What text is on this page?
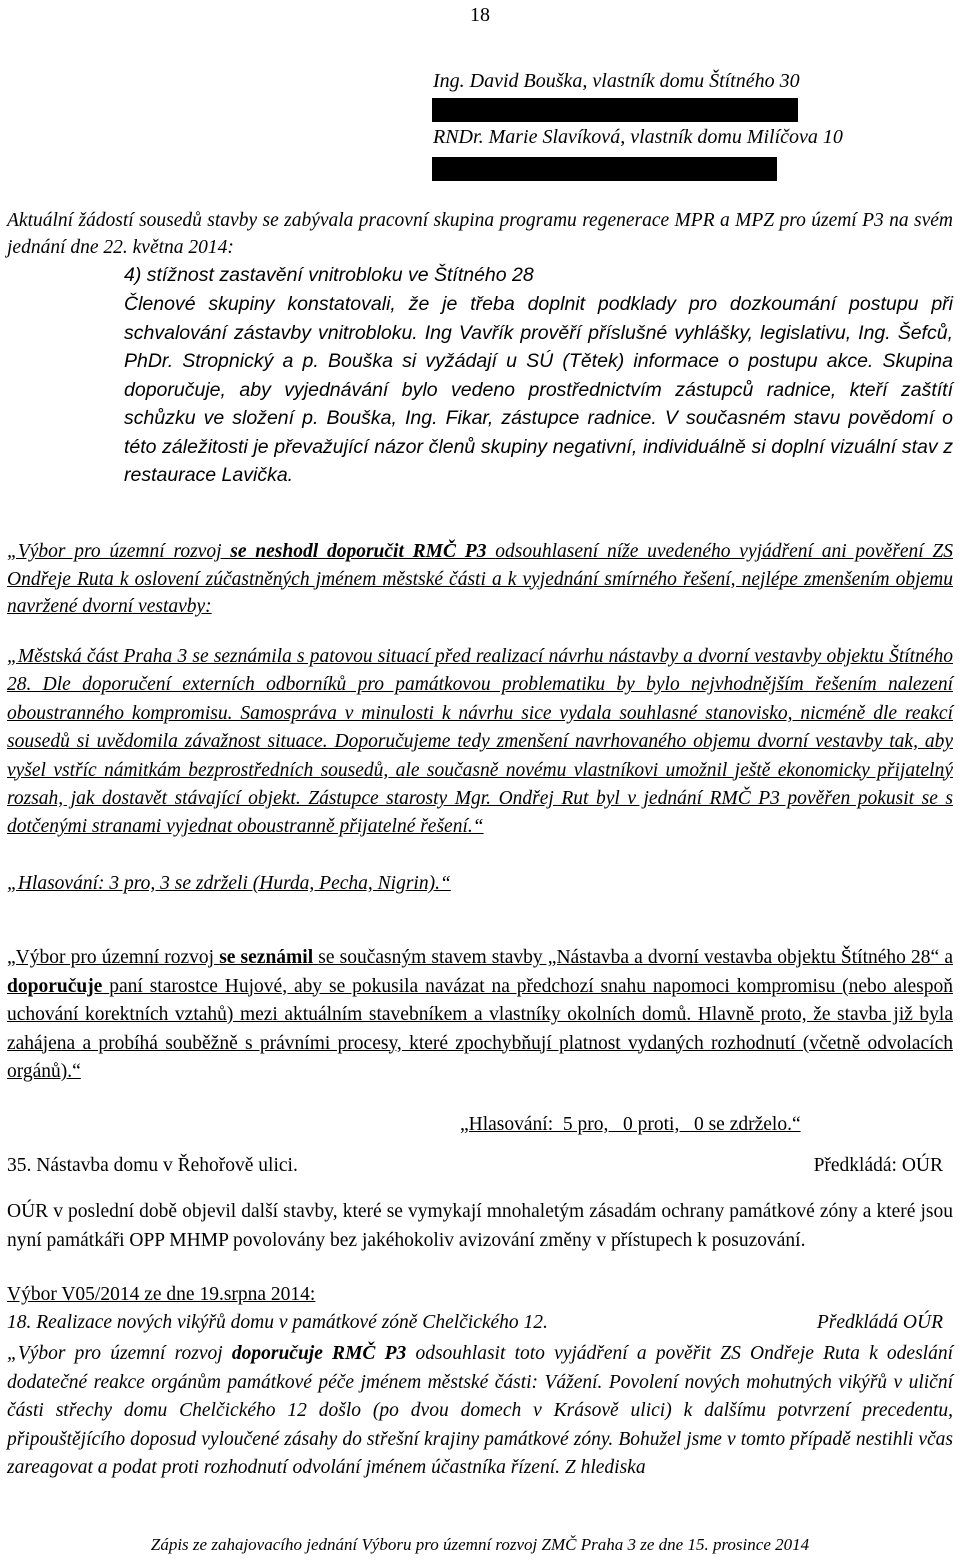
18
Ing. David Bouška, vlastník domu Štítného 30
RNDr. Marie Slavíková, vlastník domu Milíčova 10
Aktuální žádostí sousedů stavby se zabývala pracovní skupina programu regenerace MPR a MPZ pro území P3 na svém jednání dne 22. května 2014:
4) stížnost zastavění vnitrobloku ve Štítného 28
Členové skupiny konstatovali, že je třeba doplnit podklady pro dozkoumání postupu při schvalování zástavby vnitrobloku. Ing Vavřík prověří příslušné vyhlášky, legislativu, Ing. Šefců, PhDr. Stropnický a p. Bouška si vyžádají u SÚ (Tětek) informace o postupu akce. Skupina doporučuje, aby vyjednávání bylo vedeno prostřednictvím zástupců radnice, kteří zaštítí schůzku ve složení p. Bouška, Ing. Fikar, zástupce radnice. V současném stavu povědomí o této záležitosti je převažující názor členů skupiny negativní, individuálně si doplní vizuální stav z restaurace Lavička.
„Výbor pro územní rozvoj se neshodl doporučit RMČ P3 odsouhlasení níže uvedeného vyjádření ani pověření ZS Ondřeje Ruta k oslovení zúčastněných jménem městské části a k vyjednání smírného řešení, nejlépe zmenšením objemu navržené dvorní vestavby:
„Městská část Praha 3 se seznámila s patovou situací před realizací návrhu nástavby a dvorní vestavby objektu Štítného 28. Dle doporučení externích odborníků pro památkovou problematiku by bylo nejvhodnějším řešením nalezení oboustranného kompromisu. Samospráva v minulosti k návrhu sice vydala souhlasné stanovisko, nicméně dle reakcí sousedů si uvědomila závažnost situace. Doporučujeme tedy zmenšení navrhovaného objemu dvorní vestavby tak, aby vyšel vstříc námitkám bezprostředních sousedů, ale současně novému vlastníkovi umožnil ještě ekonomicky přijatelný rozsah, jak dostavět stávající objekt. Zástupce starosty Mgr. Ondřej Rut byl v jednání RMČ P3 pověřen pokusit se s dotčenými stranami vyjednat oboustranně přijatelné řešení.“
„Hlasování: 3 pro, 3 se zdrželi (Hurda, Pecha, Nigrin).“
„Výbor pro územní rozvoj se seznámil se současným stavem stavby „Nástavba a dvorní vestavba objektu Štítného 28“ a doporučuje paní starostce Hujové, aby se pokusila navázat na předchozí snahu napomoci kompromisu (nebo alespoň uchování korektních vztahů) mezi aktuálním stavebníkem a vlastníky okolních domů. Hlavně proto, že stavba již byla zahájena a probíhá souběžně s právními procesy, které zpochybňují platnost vydaných rozhodnutí (včetně odvolacích orgánů).“
„Hlasování:  5 pro,   0 proti,   0 se zdrželo.“
35. Nástavba domu v Řehořově ulici.	Předkládá: OÚR
OÚR v poslední době objevil další stavby, které se vymykají mnohaletým zásadám ochrany památkové zóny a které jsou nyní památkáři OPP MHMP povolovány bez jakéhokoliv avizování změny v přístupech k posuzování.
Výbor V05/2014 ze dne 19.srpna 2014:
18. Realizace nových vikýřů domu v památkové zóně Chelčického 12.	Předkládá OÚR
„Výbor pro územní rozvoj doporučuje RMČ P3 odsouhlasit toto vyjádření a pověřit ZS Ondřeje Ruta k odeslání dodatečné reakce orgánům památkové péče jménem městské části: Vážení. Povolení nových mohutných vikýřů v uliční části střechy domu Chelčického 12 došlo (po dvou domech v Krásově ulici) k dalšímu potvrzení precedentu, připouštějícího doposud vyloučené zásahy do střešní krajiny památkové zóny. Bohužel jsme v tomto případě nestihli včas zareagovat a podat proti rozhodnutí odvolání jménem účastníka řízení. Z hlediska
Zápis ze zahajovacího jednání Výboru pro územní rozvoj ZMČ Praha 3 ze dne 15. prosince 2014
